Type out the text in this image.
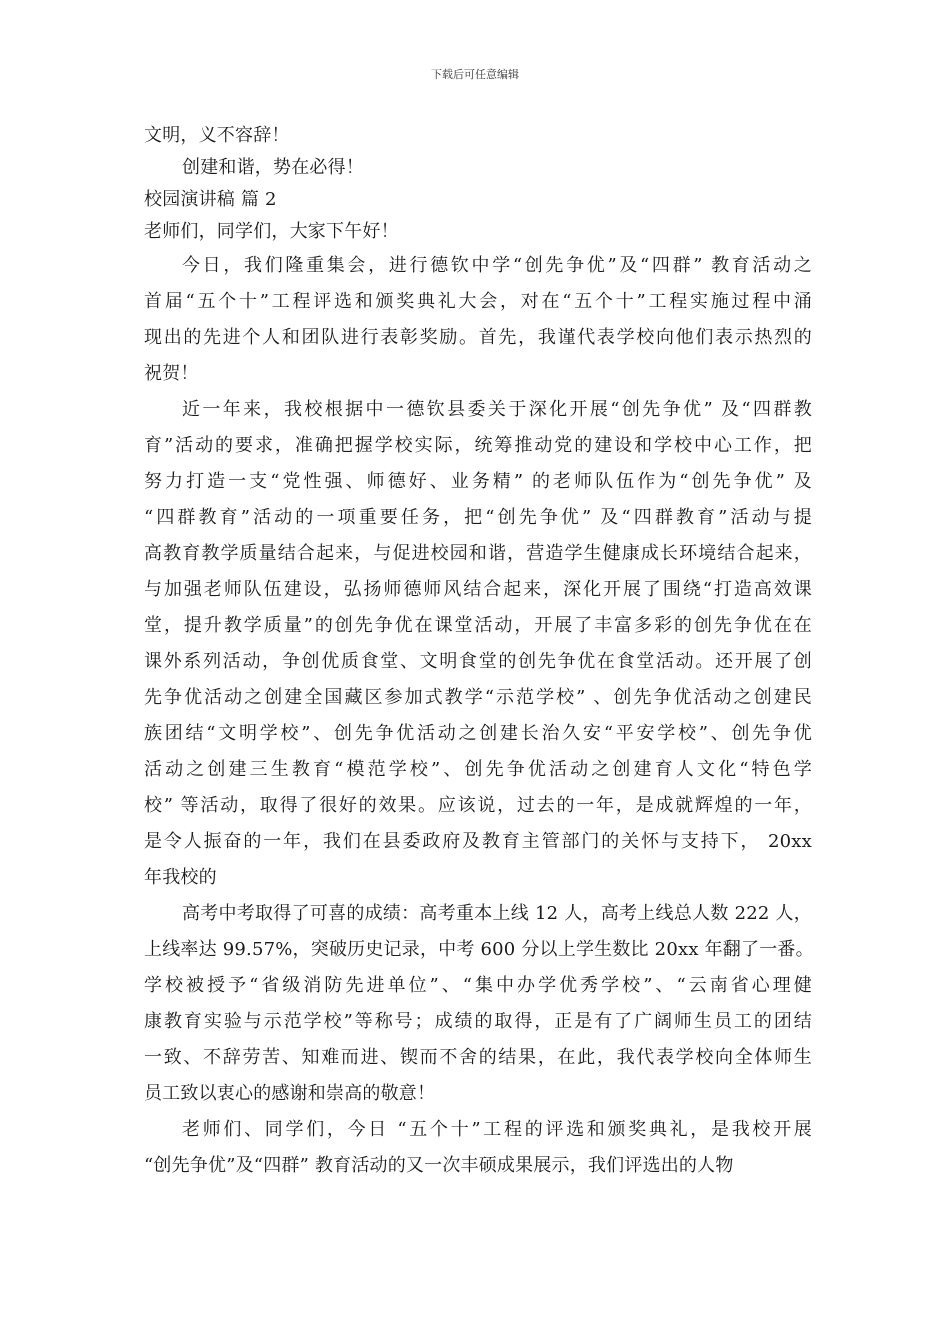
下载后可任意编辑
文明，义不容辞！
创建和谐，势在必得！
校园演讲稿 篇 2
老师们，同学们，大家下午好！
今日，我们隆重集会，进行德钦中学“创先争优”及“四群” 教育活动之
首届“五个十”工程评选和颁奖典礼大会，对在“五个十”工程实施过程中涌
现出的先进个人和团队进行表彰奖励。首先，我谨代表学校向他们表示热烈的
祝贺！
近一年来，我校根据中一德钦县委关于深化开展“创先争优” 及“四群教
育”活动的要求，准确把握学校实际，统筹推动党的建设和学校中心工作，把
努力打造一支“党性强、师德好、业务精” 的老师队伍作为“创先争优” 及
“四群教育”活动的一项重要任务，把“创先争优” 及“四群教育”活动与提
高教育教学质量结合起来，与促进校园和谐，营造学生健康成长环境结合起来，
与加强老师队伍建设，弘扬师德师风结合起来，深化开展了围绕“打造高效课
堂，提升教学质量”的创先争优在课堂活动，开展了丰富多彩的创先争优在在
课外系列活动，争创优质食堂、文明食堂的创先争优在食堂活动。还开展了创
先争优活动之创建全国藏区参加式教学“示范学校” 、创先争优活动之创建民
族团结“文明学校”、创先争优活动之创建长治久安“平安学校”、创先争优
活动之创建三生教育“模范学校”、创先争优活动之创建育人文化“特色学
校” 等活动，取得了很好的效果。应该说，过去的一年，是成就辉煌的一年，
是令人振奋的一年，我们在县委政府及教育主管部门的关怀与支持下， 20xx
年我校的
高考中考取得了可喜的成绩：高考重本上线 12 人，高考上线总人数 222 人，
上线率达 99.57%，突破历史记录，中考 600 分以上学生数比 20xx 年翻了一番。
学校被授予“省级消防先进单位”、“集中办学优秀学校”、“云南省心理健
康教育实验与示范学校”等称号；成绩的取得，正是有了广阔师生员工的团结
一致、不辞劳苦、知难而进、锲而不舍的结果，在此，我代表学校向全体师生
员工致以衷心的感谢和崇高的敬意！
老师们、同学们，今日 “五个十”工程的评选和颁奖典礼，是我校开展
“创先争优”及“四群” 教育活动的又一次丰硕成果展示，我们评选出的人物
